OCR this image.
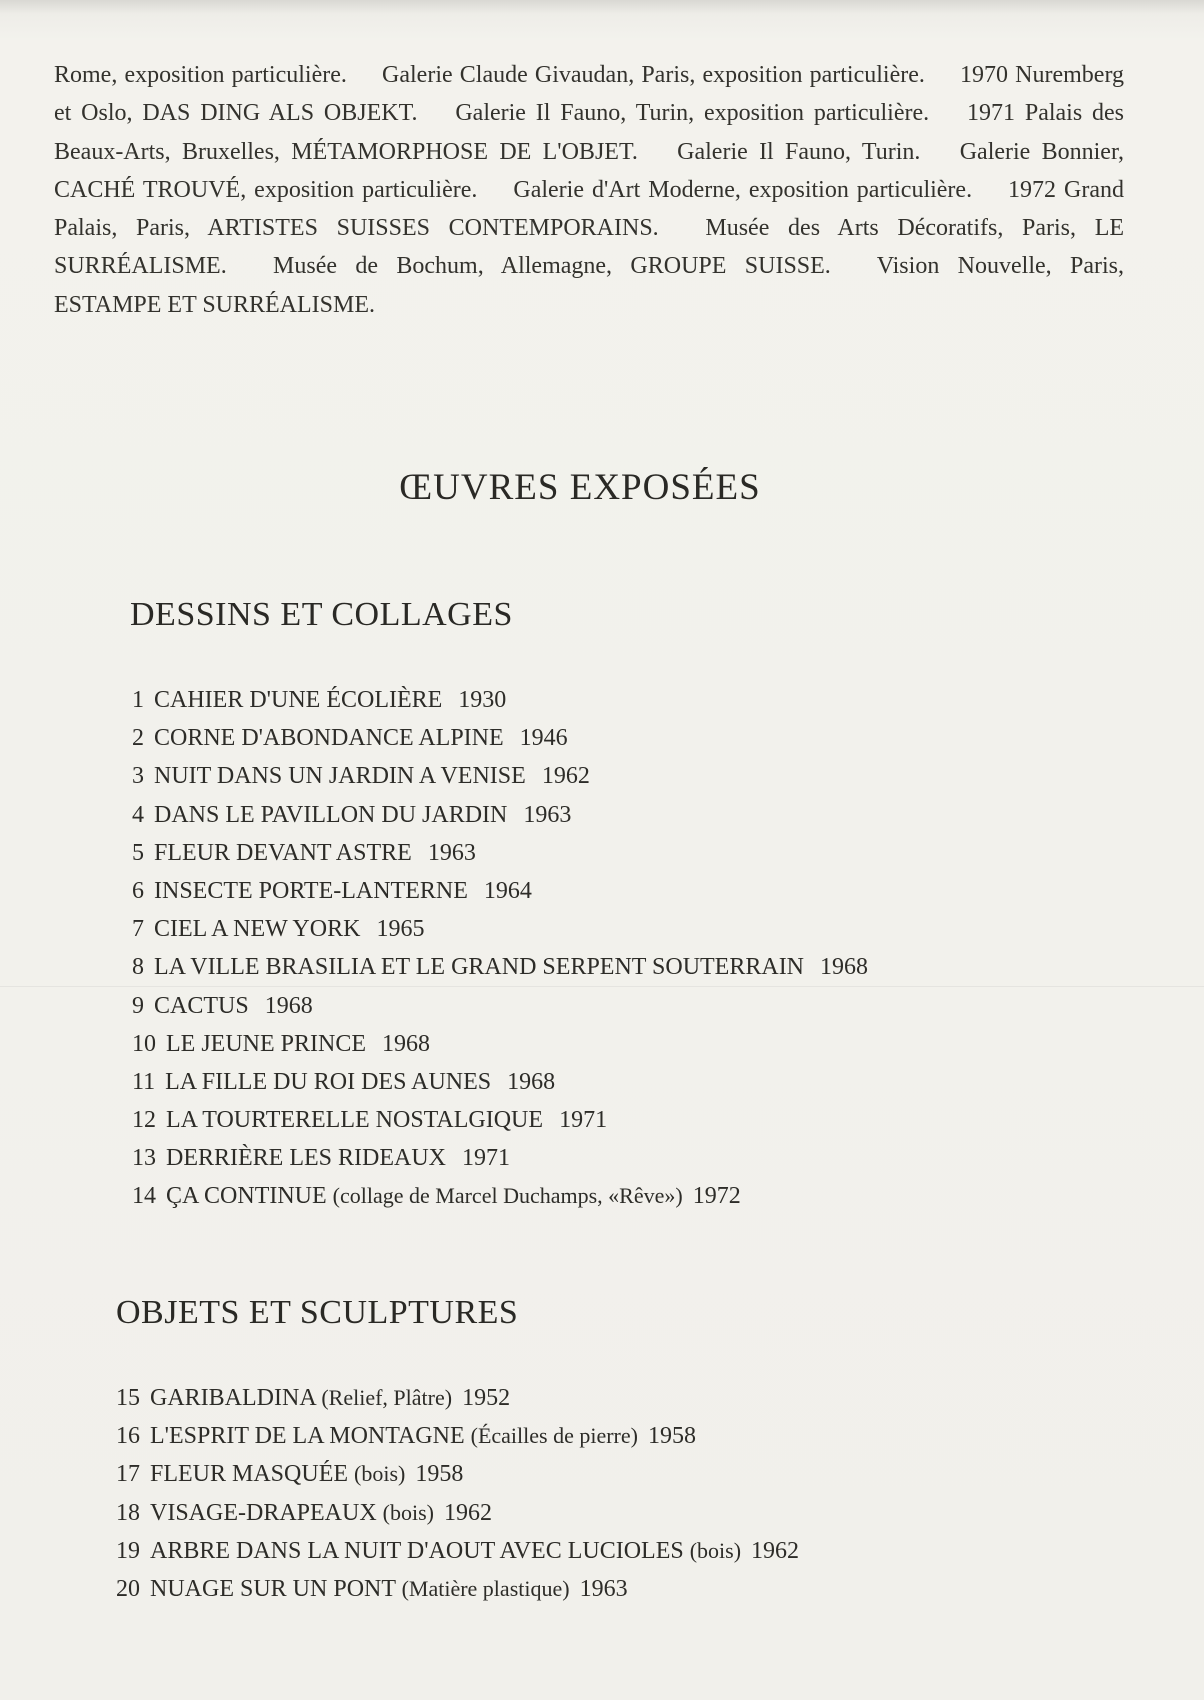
Rome, exposition particulière. Galerie Claude Givaudan, Paris, exposition particulière. 1970 Nuremberg et Oslo, DAS DING ALS OBJEKT. Galerie Il Fauno, Turin, exposition particulière. 1971 Palais des Beaux-Arts, Bruxelles, MÉTAMORPHOSE DE L'OBJET. Galerie Il Fauno, Turin. Galerie Bonnier, CACHÉ TROUVÉ, exposition particulière. Galerie d'Art Moderne, exposition particulière. 1972 Grand Palais, Paris, ARTISTES SUISSES CONTEMPORAINS. Musée des Arts Décoratifs, Paris, LE SURRÉALISME. Musée de Bochum, Allemagne, GROUPE SUISSE. Vision Nouvelle, Paris, ESTAMPE ET SURRÉALISME.
ŒUVRES EXPOSÉES
DESSINS ET COLLAGES
1 CAHIER D'UNE ÉCOLIÈRE 1930
2 CORNE D'ABONDANCE ALPINE 1946
3 NUIT DANS UN JARDIN A VENISE 1962
4 DANS LE PAVILLON DU JARDIN 1963
5 FLEUR DEVANT ASTRE 1963
6 INSECTE PORTE-LANTERNE 1964
7 CIEL A NEW YORK 1965
8 LA VILLE BRASILIA ET LE GRAND SERPENT SOUTERRAIN 1968
9 CACTUS 1968
10 LE JEUNE PRINCE 1968
11 LA FILLE DU ROI DES AUNES 1968
12 LA TOURTERELLE NOSTALGIQUE 1971
13 DERRIÈRE LES RIDEAUX 1971
14 ÇA CONTINUE (collage de Marcel Duchamps, «Rêve») 1972
OBJETS ET SCULPTURES
15 GARIBALDINA (Relief, Plâtre) 1952
16 L'ESPRIT DE LA MONTAGNE (Écailles de pierre) 1958
17 FLEUR MASQUÉE (bois) 1958
18 VISAGE-DRAPEAUX (bois) 1962
19 ARBRE DANS LA NUIT D'AOUT AVEC LUCIOLES (bois) 1962
20 NUAGE SUR UN PONT (Matière plastique) 1963
